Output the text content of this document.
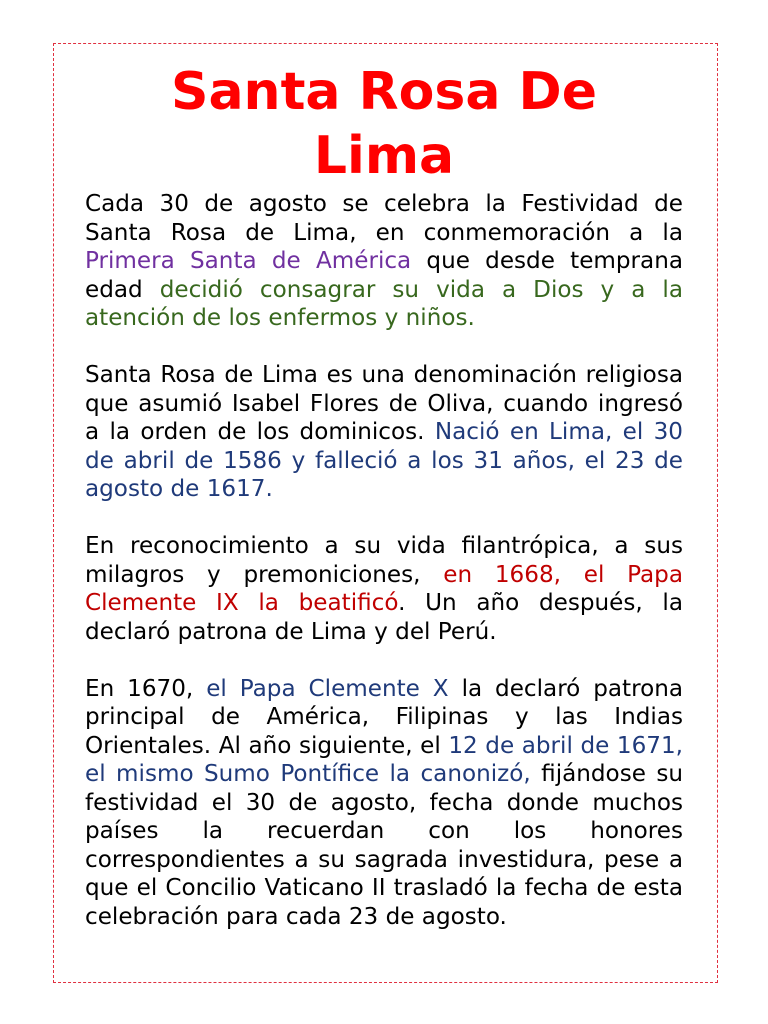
Santa Rosa De
Lima

Cada 30 de agosto se celebra la Festividad de Santa Rosa de Lima, en conmemoración a la Primera Santa de América que desde temprana edad decidió consagrar su vida a Dios y a la atención de los enfermos y niños.

Santa Rosa de Lima es una denominación religiosa que asumió Isabel Flores de Oliva, cuando ingresó a la orden de los dominicos. Nació en Lima, el 30 de abril de 1586 y falleció a los 31 años, el 23 de agosto de 1617.

En reconocimiento a su vida filantrópica, a sus milagros y premoniciones, en 1668, el Papa Clemente IX la beatificó. Un año después, la declaró patrona de Lima y del Perú.

En 1670, el Papa Clemente X la declaró patrona principal de América, Filipinas y las Indias Orientales. Al año siguiente, el 12 de abril de 1671, el mismo Sumo Pontífice la canonizó, fijándose su festividad el 30 de agosto, fecha donde muchos países la recuerdan con los honores correspondientes a su sagrada investidura, pese a que el Concilio Vaticano II trasladó la fecha de esta celebración para cada 23 de agosto.
